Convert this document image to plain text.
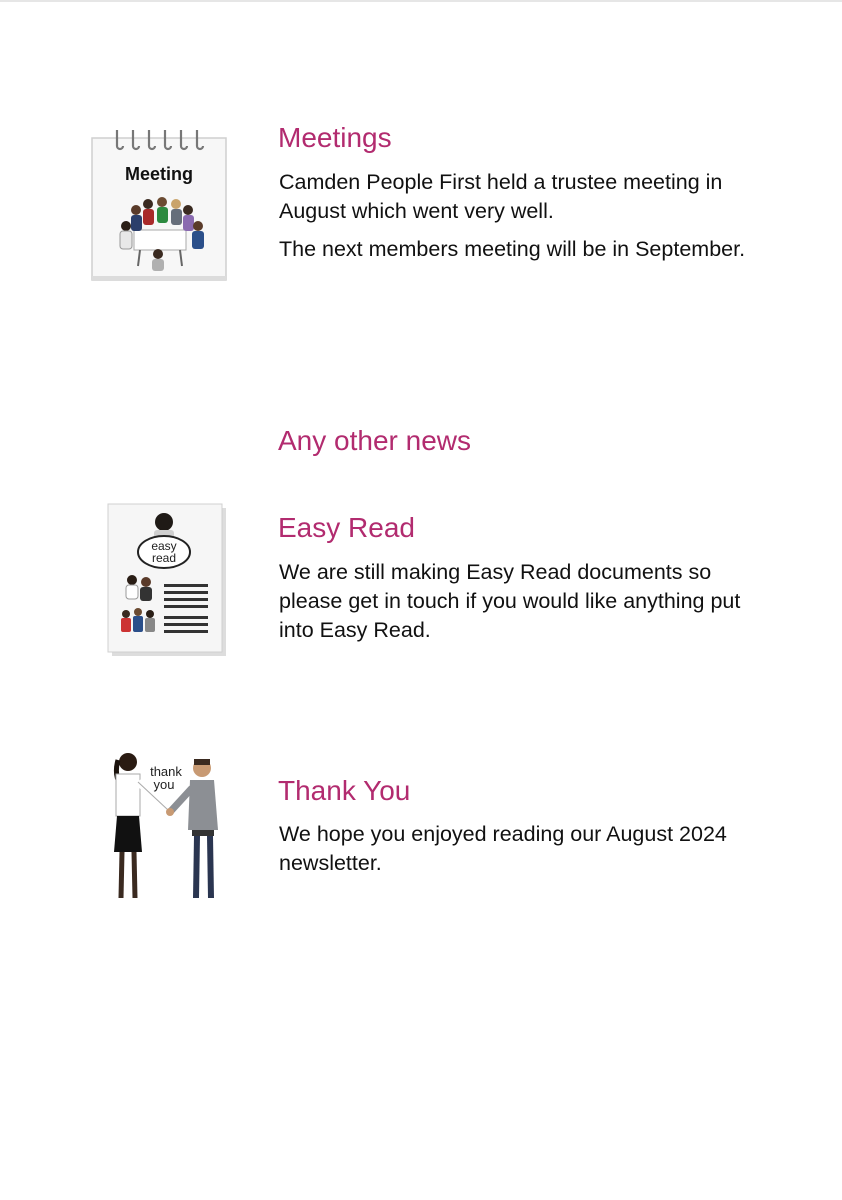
Meeting
Meetings

Camden People First held a trustee meeting in August which went very well.

The next members meeting will be in September.

Any other news
easy
read
Easy Read

We are still making Easy Read documents so please get in touch if you would like anything put into Easy Read.

thank
you	Thank You

We hope you enjoyed reading our August 2024 newsletter.
